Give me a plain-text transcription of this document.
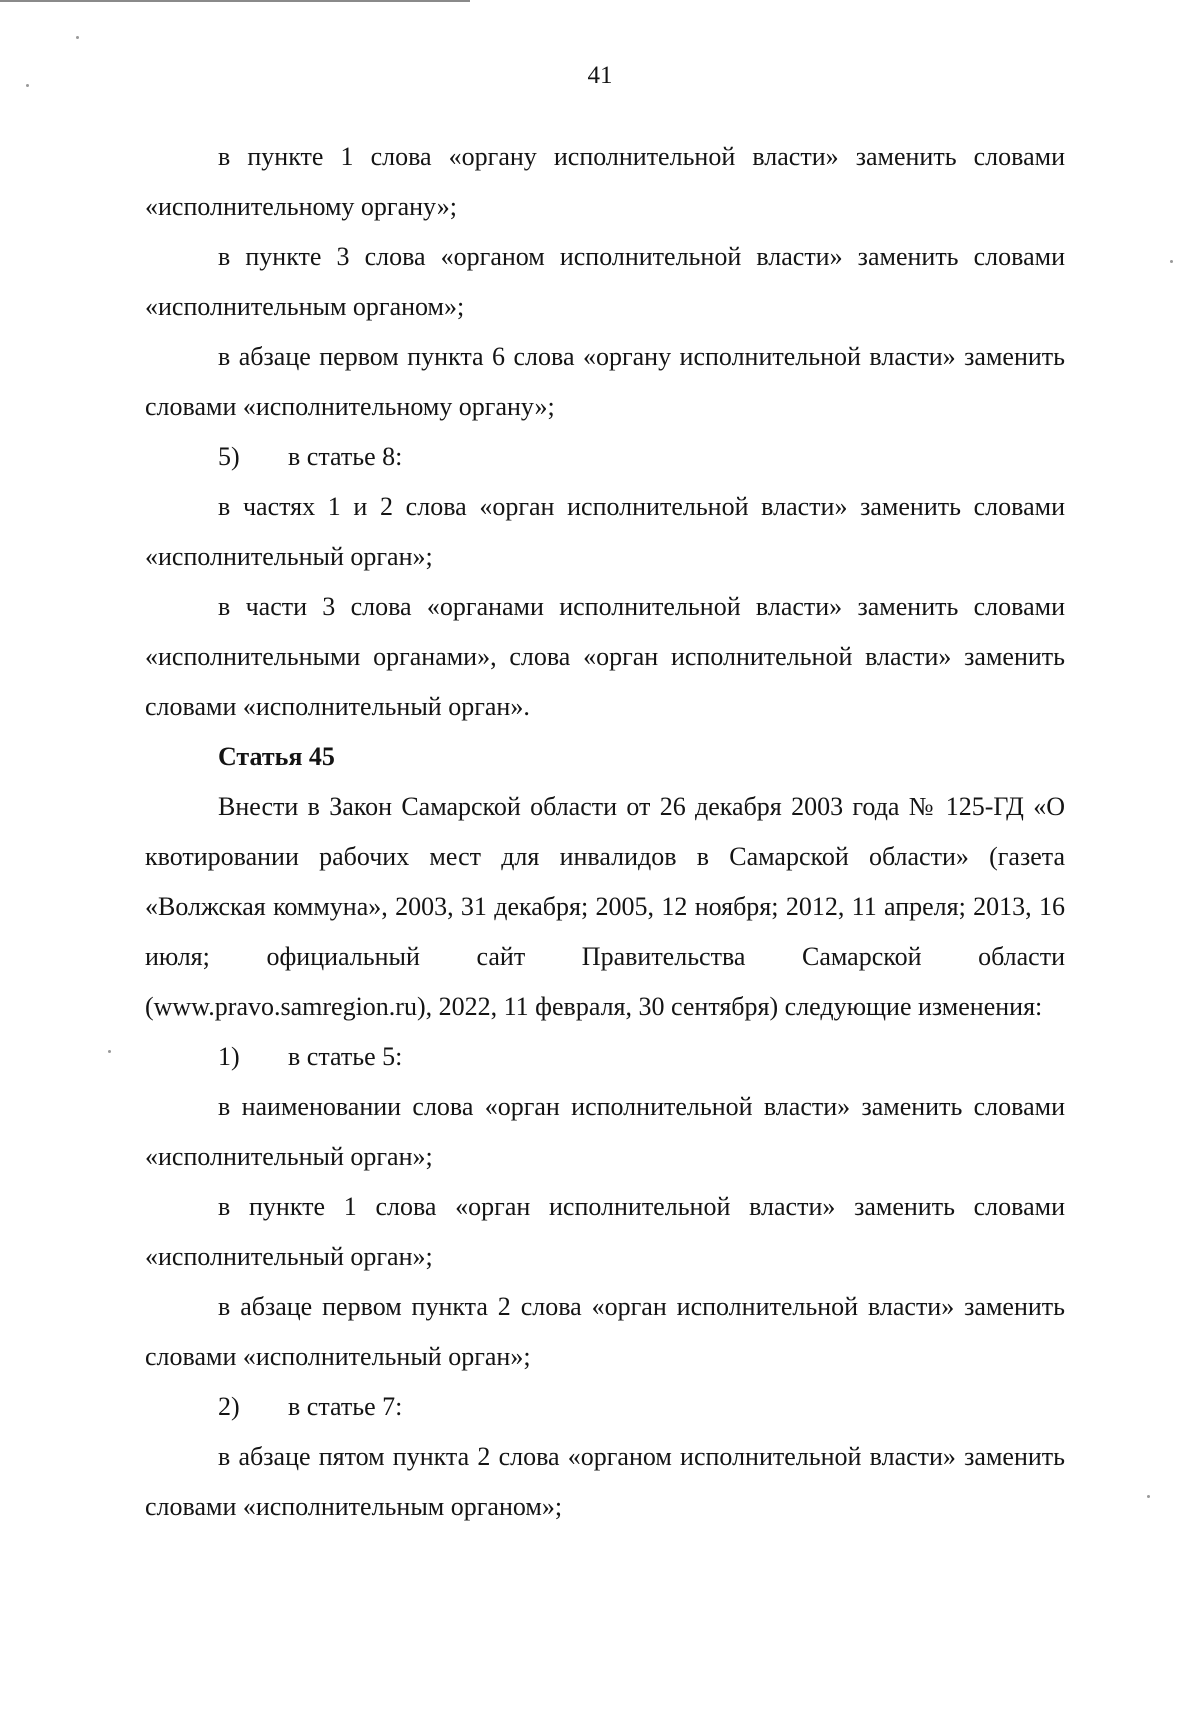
41

в пункте 1 слова «органу исполнительной власти» заменить словами «исполнительному органу»;

в пункте 3 слова «органом исполнительной власти» заменить словами «исполнительным органом»;

в абзаце первом пункта 6 слова «органу исполнительной власти» заменить словами «исполнительному органу»;

5) в статье 8:

в частях 1 и 2 слова «орган исполнительной власти» заменить словами «исполнительный орган»;

в части 3 слова «органами исполнительной власти» заменить словами «исполнительными органами», слова «орган исполнительной власти» заменить словами «исполнительный орган».

Статья 45

Внести в Закон Самарской области от 26 декабря 2003 года № 125-ГД «О квотировании рабочих мест для инвалидов в Самарской области» (газета «Волжская коммуна», 2003, 31 декабря; 2005, 12 ноября; 2012, 11 апреля; 2013, 16 июля; официальный сайт Правительства Самарской области (www.pravo.samregion.ru), 2022, 11 февраля, 30 сентября) следующие изменения:

1) в статье 5:

в наименовании слова «орган исполнительной власти» заменить словами «исполнительный орган»;

в пункте 1 слова «орган исполнительной власти» заменить словами «исполнительный орган»;

в абзаце первом пункта 2 слова «орган исполнительной власти» заменить словами «исполнительный орган»;

2) в статье 7:

в абзаце пятом пункта 2 слова «органом исполнительной власти» заменить словами «исполнительным органом»;
